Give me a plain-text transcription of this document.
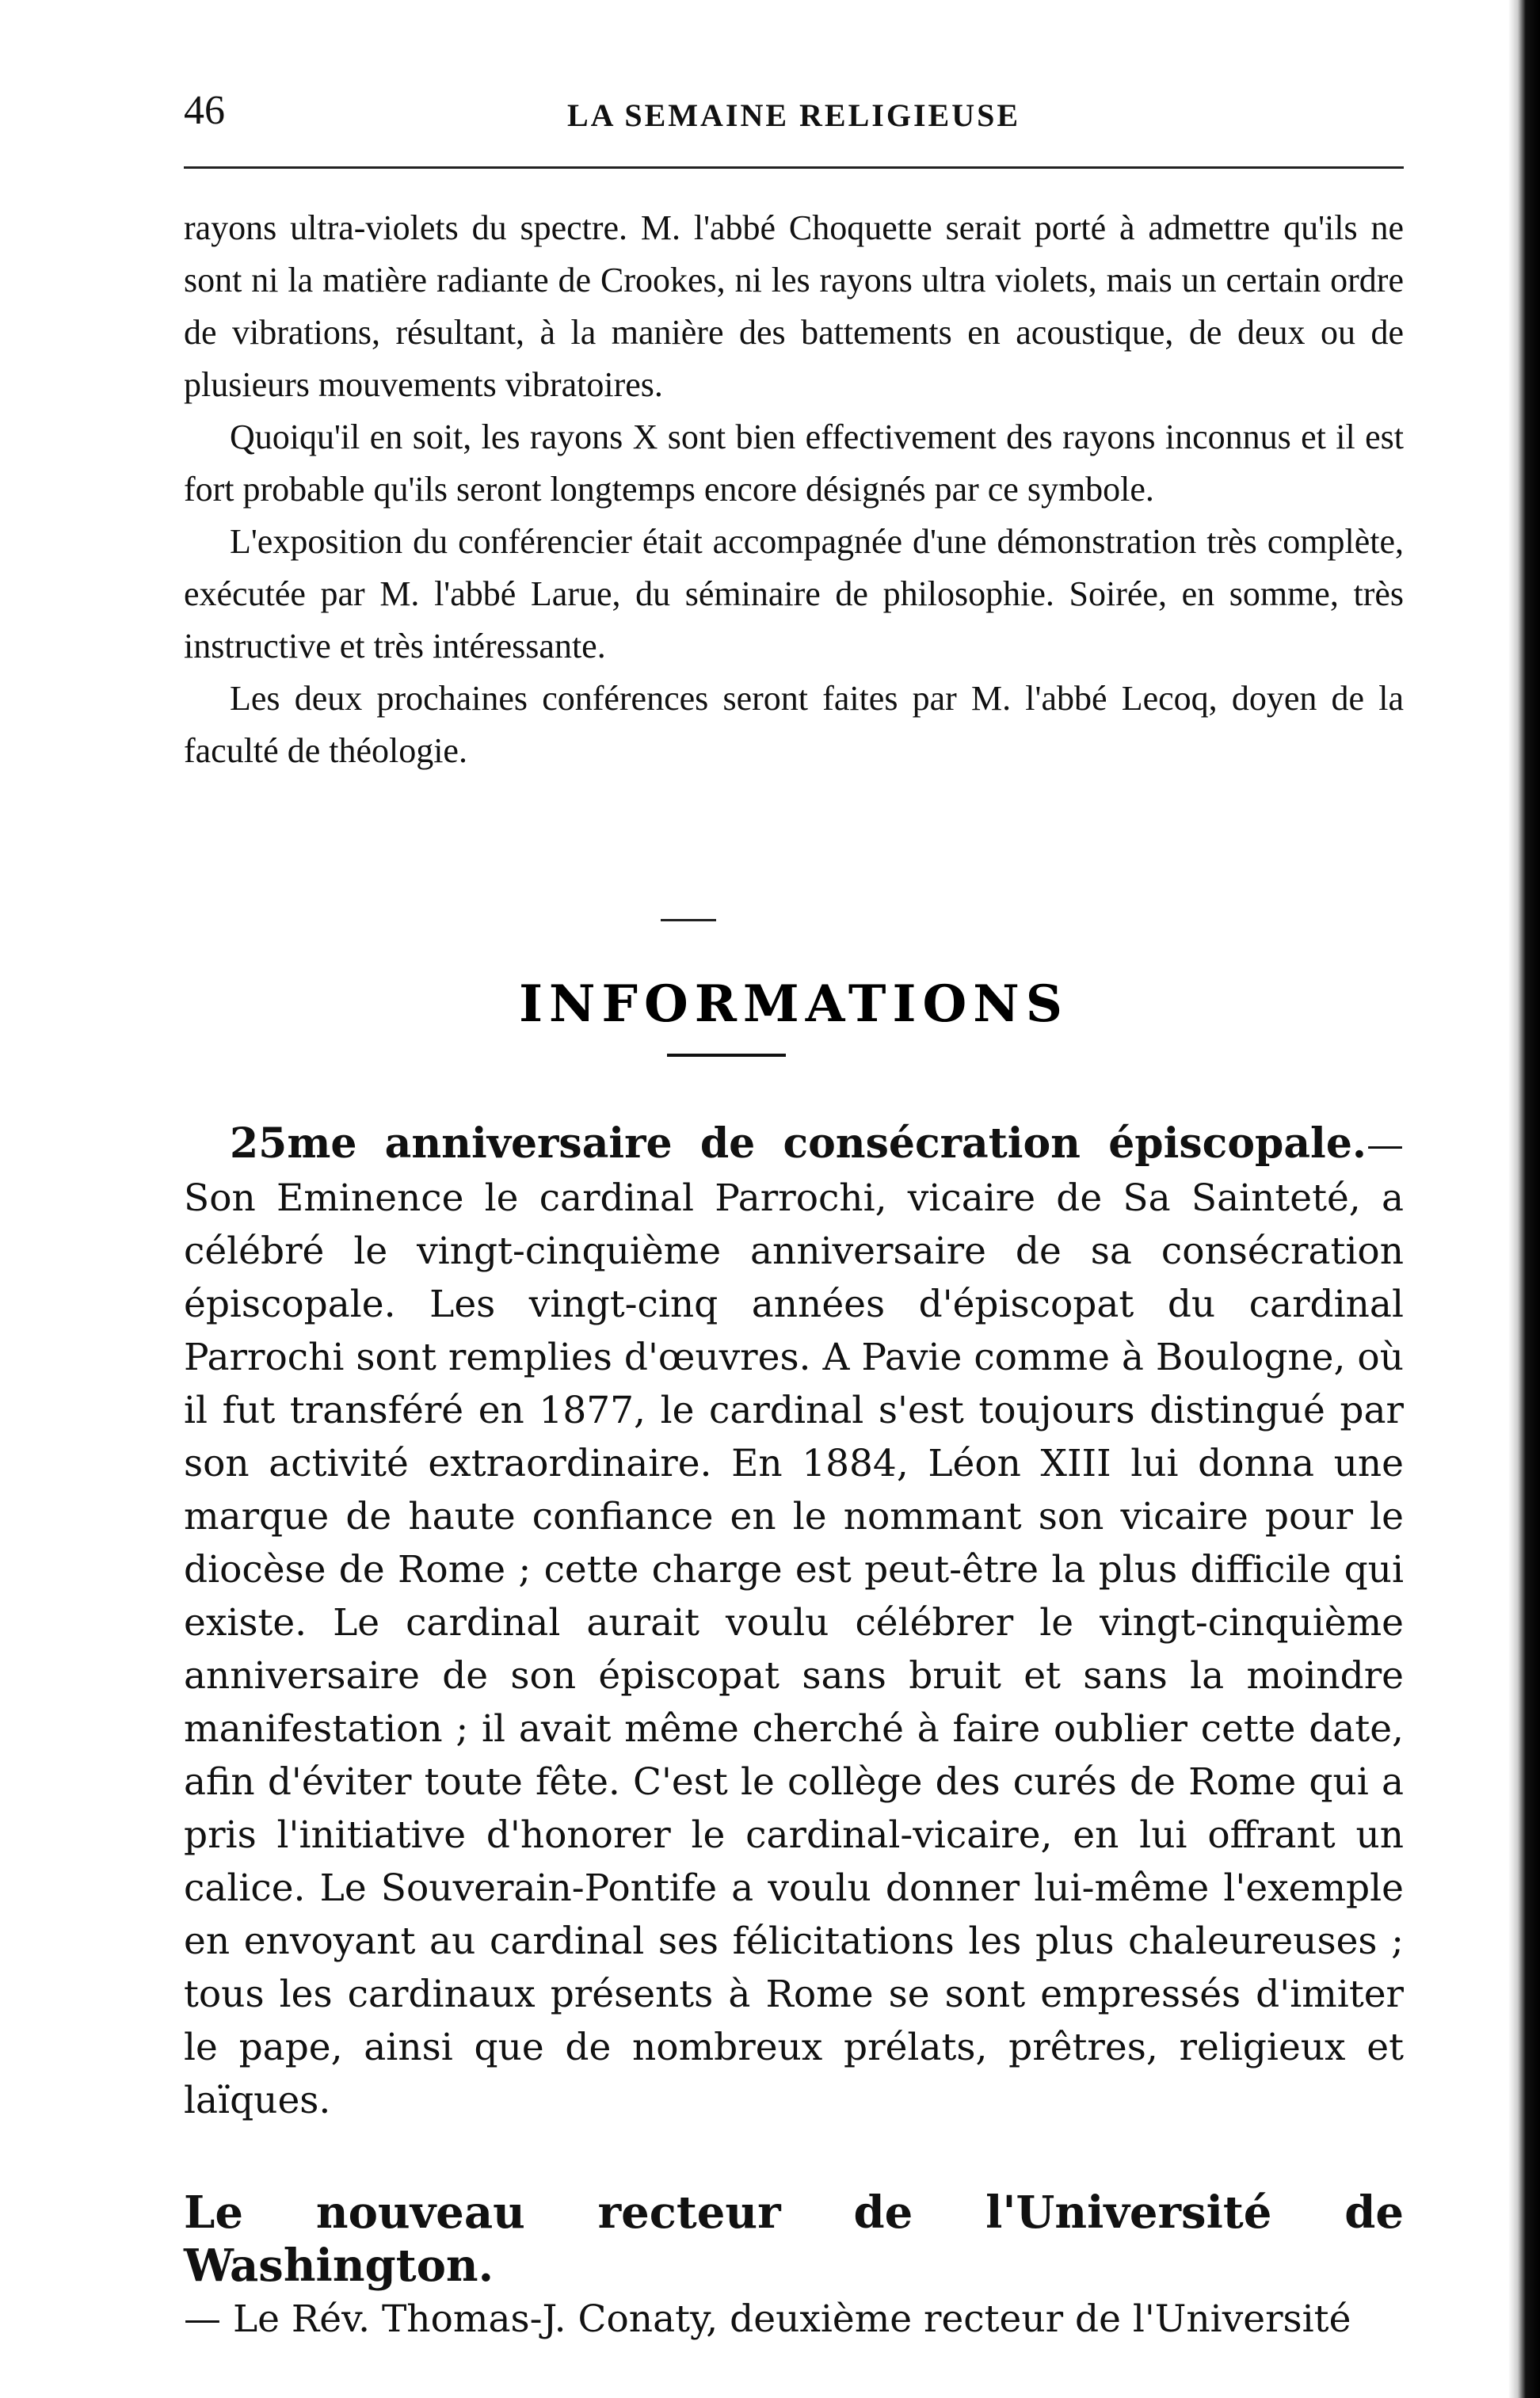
46	LA SEMAINE RELIGIEUSE

rayons ultra-violets du spectre. M. l'abbé Choquette serait porté à admettre qu'ils ne sont ni la matière radiante de Crookes, ni les rayons ultra violets, mais un certain ordre de vibrations, résultant, à la manière des battements en acoustique, de deux ou de plusieurs mouvements vibratoires.

Quoiqu'il en soit, les rayons X sont bien effectivement des rayons inconnus et il est fort probable qu'ils seront longtemps encore désignés par ce symbole.

L'exposition du conférencier était accompagnée d'une démonstration très complète, exécutée par M. l'abbé Larue, du séminaire de philosophie. Soirée, en somme, très instructive et très intéressante.

Les deux prochaines conférences seront faites par M. l'abbé Lecoq, doyen de la faculté de théologie.

INFORMATIONS

25me anniversaire de consécration épiscopale.—Son Eminence le cardinal Parrochi, vicaire de Sa Sainteté, a célébré le vingt-cinquième anniversaire de sa consécration épiscopale. Les vingt-cinq années d'épiscopat du cardinal Parrochi sont remplies d'œuvres. A Pavie comme à Boulogne, où il fut transféré en 1877, le cardinal s'est toujours distingué par son activité extraordinaire. En 1884, Léon XIII lui donna une marque de haute confiance en le nommant son vicaire pour le diocèse de Rome ; cette charge est peut-être la plus difficile qui existe. Le cardinal aurait voulu célébrer le vingt-cinquième anniversaire de son épiscopat sans bruit et sans la moindre manifestation ; il avait même cherché à faire oublier cette date, afin d'éviter toute fête. C'est le collège des curés de Rome qui a pris l'initiative d'honorer le cardinal-vicaire, en lui offrant un calice. Le Souverain-Pontife a voulu donner lui-même l'exemple en envoyant au cardinal ses félicitations les plus chaleureuses ; tous les cardinaux présents à Rome se sont empressés d'imiter le pape, ainsi que de nombreux prélats, prêtres, religieux et laïques.

Le nouveau recteur de l'Université de Washington.
— Le Rév. Thomas-J. Conaty, deuxième recteur de l'Université
